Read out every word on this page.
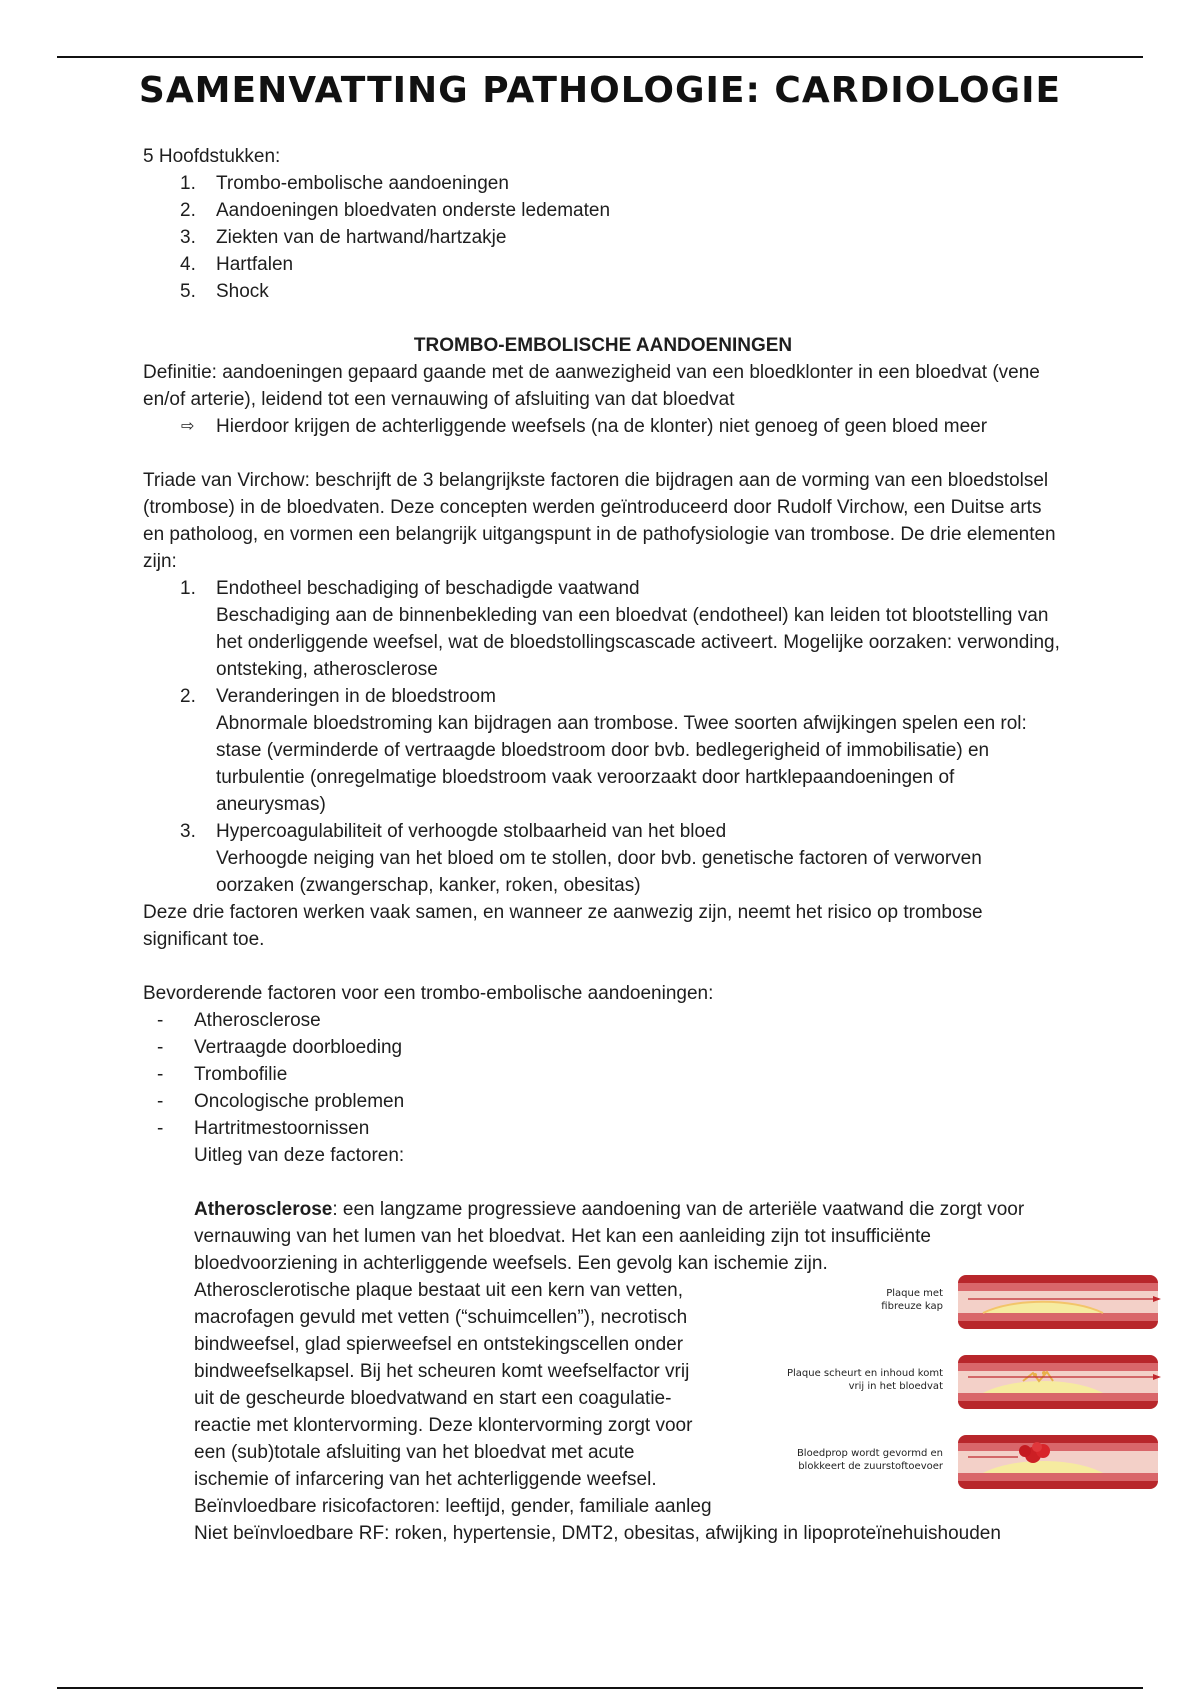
SAMENVATTING PATHOLOGIE: CARDIOLOGIE

5 Hoofdstukken:

1. Trombo-embolische aandoeningen
2. Aandoeningen bloedvaten onderste ledematen
3. Ziekten van de hartwand/hartzakje
4. Hartfalen
5. Shock

TROMBO-EMBOLISCHE AANDOENINGEN

Definitie: aandoeningen gepaard gaande met de aanwezigheid van een bloedklonter in een bloedvat (vene en/of arterie), leidend tot een vernauwing of afsluiting van dat bloedvat

⇨ Hierdoor krijgen de achterliggende weefsels (na de klonter) niet genoeg of geen bloed meer

Triade van Virchow: beschrijft de 3 belangrijkste factoren die bijdragen aan de vorming van een bloedstolsel (trombose) in de bloedvaten. Deze concepten werden geïntroduceerd door Rudolf Virchow, een Duitse arts en patholoog, en vormen een belangrijk uitgangspunt in de pathofysiologie van trombose. De drie elementen zijn:

1. Endotheel beschadiging of beschadigde vaatwand
Beschadiging aan de binnenbekleding van een bloedvat (endotheel) kan leiden tot blootstelling van het onderliggende weefsel, wat de bloedstollingscascade activeert. Mogelijke oorzaken: verwonding, ontsteking, atherosclerose
2. Veranderingen in de bloedstroom
Abnormale bloedstroming kan bijdragen aan trombose. Twee soorten afwijkingen spelen een rol: stase (verminderde of vertraagde bloedstroom door bvb. bedlegerigheid of immobilisatie) en turbulentie (onregelmatige bloedstroom vaak veroorzaakt door hartklepaandoeningen of aneurysmas)
3. Hypercoagulabiliteit of verhoogde stolbaarheid van het bloed
Verhoogde neiging van het bloed om te stollen, door bvb. genetische factoren of verworven oorzaken (zwangerschap, kanker, roken, obesitas)

Deze drie factoren werken vaak samen, en wanneer ze aanwezig zijn, neemt het risico op trombose significant toe.

Bevorderende factoren voor een trombo-embolische aandoeningen:

- Atherosclerose
- Vertraagde doorbloeding
- Trombofilie
- Oncologische problemen
- Hartritmestoornissen

Uitleg van deze factoren:

Atherosclerose: een langzame progressieve aandoening van de arteriële vaatwand die zorgt voor vernauwing van het lumen van het bloedvat. Het kan een aanleiding zijn tot insufficiënte bloedvoorziening in achterliggende weefsels. Een gevolg kan ischemie zijn.

Atherosclerotische plaque bestaat uit een kern van vetten,
macrofagen gevuld met vetten (“schuimcellen”), necrotisch
bindweefsel, glad spierweefsel en ontstekingscellen onder
bindweefselkapsel. Bij het scheuren komt weefselfactor vrij
uit de gescheurde bloedvatwand en start een coagulatie-
reactie met klontervorming. Deze klontervorming zorgt voor
een (sub)totale afsluiting van het bloedvat met acute
ischemie of infarcering van het achterliggende weefsel.
Beïnvloedbare risicofactoren: leeftijd, gender, familiale aanleg
Plaque met
fibreuze kap
Plaque scheurt en inhoud komt
vrij in het bloedvat
Bloedprop wordt gevormd en
blokkeert de zuurstoftoevoer

Niet beïnvloedbare RF: roken, hypertensie, DMT2, obesitas, afwijking in lipoproteïnehuishouden
